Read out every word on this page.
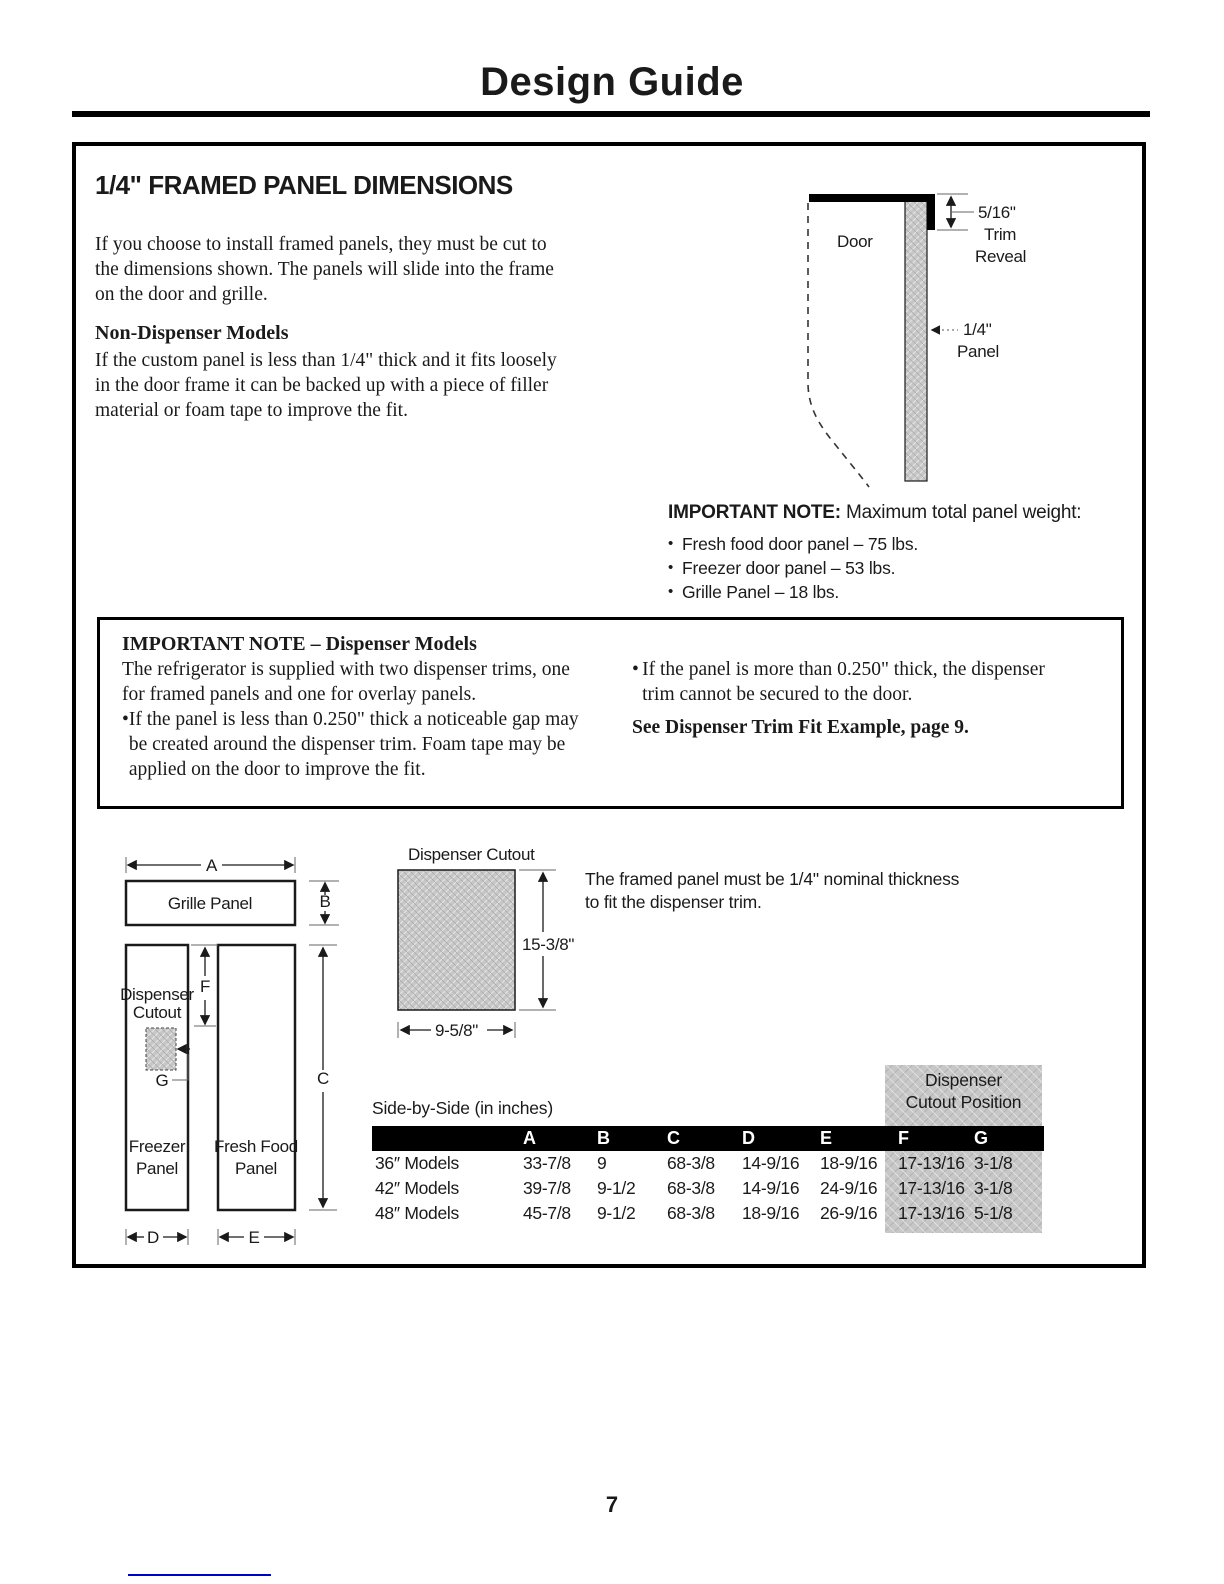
Design Guide
1/4" FRAMED PANEL DIMENSIONS
If you choose to install framed panels, they must be cut to the dimensions shown. The panels will slide into the frame on the door and grille.
Non-Dispenser Models
If the custom panel is less than 1/4" thick and it fits loosely in the door frame it can be backed up with a piece of filler material or foam tape to improve the fit.
Door
5/16"
Trim
Reveal
1/4"
Panel
IMPORTANT NOTE: Maximum total panel weight:
• Fresh food door panel – 75 lbs.
• Freezer door panel – 53 lbs.
• Grille Panel – 18 lbs.
IMPORTANT NOTE – Dispenser Models
The refrigerator is supplied with two dispenser trims, one for framed panels and one for overlay panels.
• If the panel is less than 0.250" thick a noticeable gap may be created around the dispenser trim. Foam tape may be applied on the door to improve the fit.
• If the panel is more than 0.250" thick, the dispenser trim cannot be secured to the door.
See Dispenser Trim Fit Example, page 9.
A
Grille Panel	B
F
Dispenser
Cutout
G	C
Freezer
Panel
Fresh Food
Panel
D	E
Dispenser Cutout
15-3/8"
9-5/8"
The framed panel must be 1/4" nominal thickness to fit the dispenser trim.
Dispenser
Cutout Position
Side-by-Side (in inches)
	A	B	C	D	E	F	G
36″ Models	33-7/8	9	68-3/8	14-9/16	18-9/16	17-13/16	3-1/8
42″ Models	39-7/8	9-1/2	68-3/8	14-9/16	24-9/16	17-13/16	3-1/8
48″ Models	45-7/8	9-1/2	68-3/8	18-9/16	26-9/16	17-13/16	5-1/8
7
